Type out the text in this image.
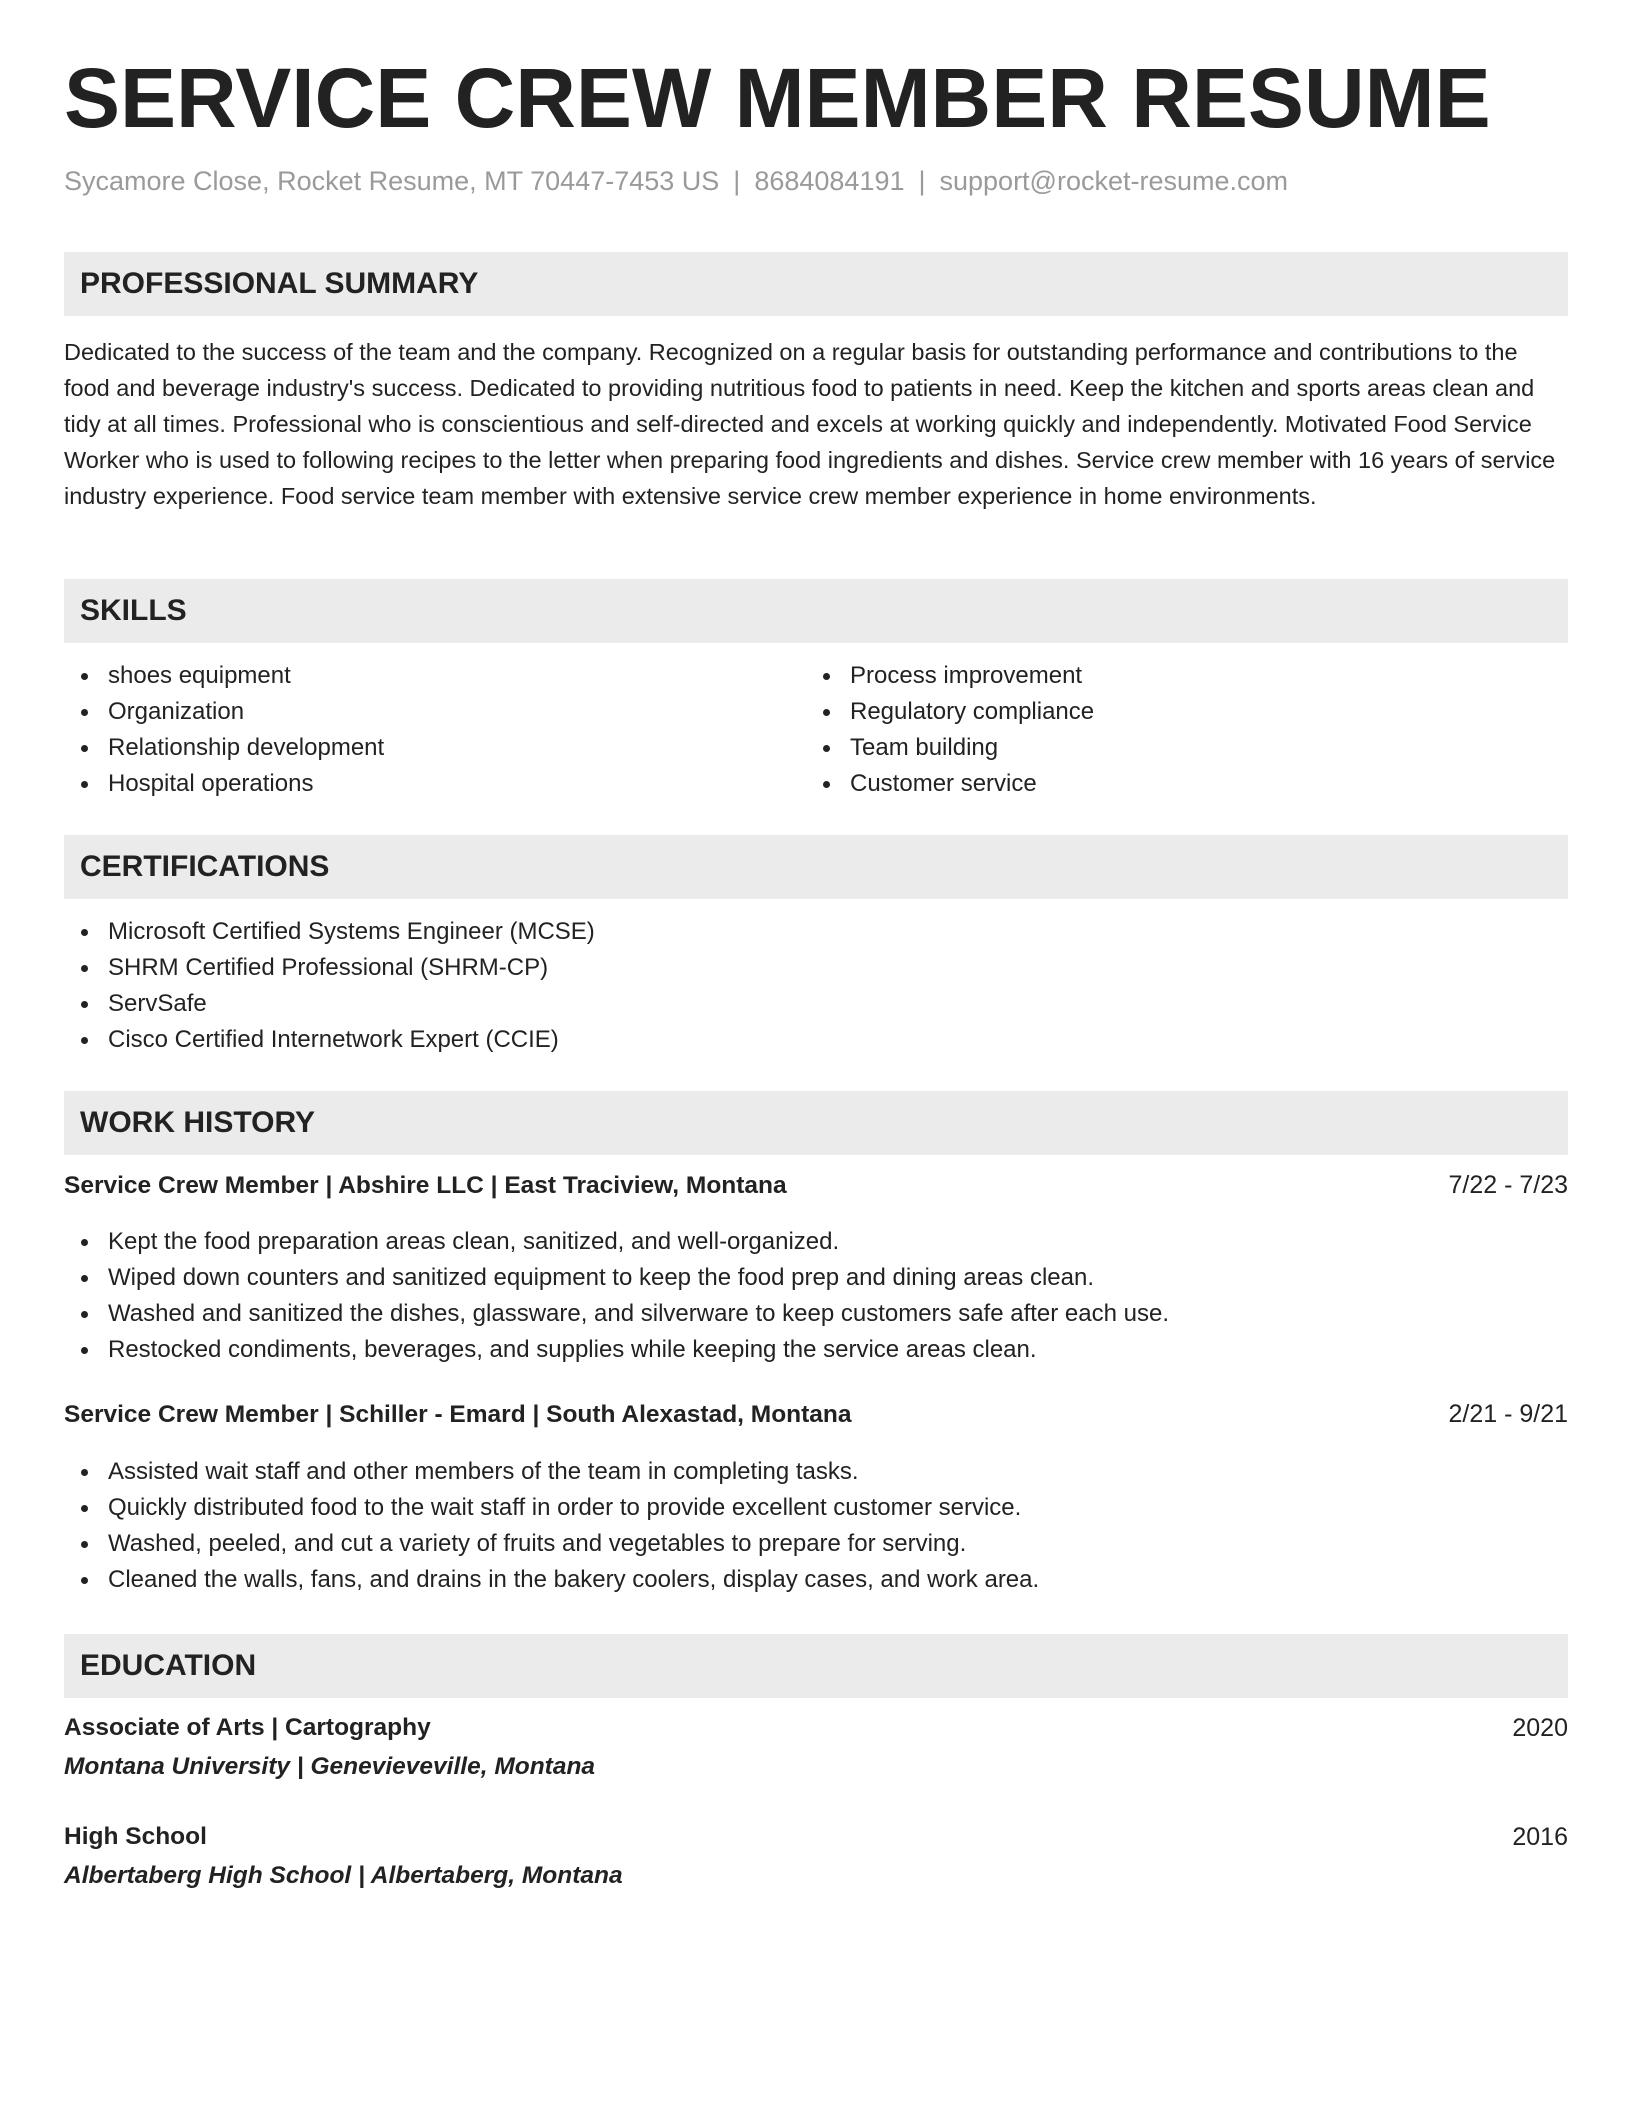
SERVICE CREW MEMBER RESUME
Sycamore Close, Rocket Resume, MT 70447-7453 US | 8684084191 | support@rocket-resume.com
PROFESSIONAL SUMMARY

Dedicated to the success of the team and the company. Recognized on a regular basis for outstanding performance and contributions to the food and beverage industry's success. Dedicated to providing nutritious food to patients in need. Keep the kitchen and sports areas clean and tidy at all times. Professional who is conscientious and self-directed and excels at working quickly and independently. Motivated Food Service Worker who is used to following recipes to the letter when preparing food ingredients and dishes. Service crew member with 16 years of service industry experience. Food service team member with extensive service crew member experience in home environments.

SKILLS
shoes equipment
Organization
Relationship development
Hospital operations
Process improvement
Regulatory compliance
Team building
Customer service
CERTIFICATIONS
Microsoft Certified Systems Engineer (MCSE)
SHRM Certified Professional (SHRM-CP)
ServSafe
Cisco Certified Internetwork Expert (CCIE)
WORK HISTORY
Service Crew Member | Abshire LLC | East Traciview, Montana	7/22 - 7/23
Kept the food preparation areas clean, sanitized, and well-organized.
Wiped down counters and sanitized equipment to keep the food prep and dining areas clean.
Washed and sanitized the dishes, glassware, and silverware to keep customers safe after each use.
Restocked condiments, beverages, and supplies while keeping the service areas clean.
Service Crew Member | Schiller - Emard | South Alexastad, Montana	2/21 - 9/21
Assisted wait staff and other members of the team in completing tasks.
Quickly distributed food to the wait staff in order to provide excellent customer service.
Washed, peeled, and cut a variety of fruits and vegetables to prepare for serving.
Cleaned the walls, fans, and drains in the bakery coolers, display cases, and work area.
EDUCATION
Associate of Arts | Cartography	2020
Montana University | Genevieveville, Montana
High School	2016
Albertaberg High School | Albertaberg, Montana
